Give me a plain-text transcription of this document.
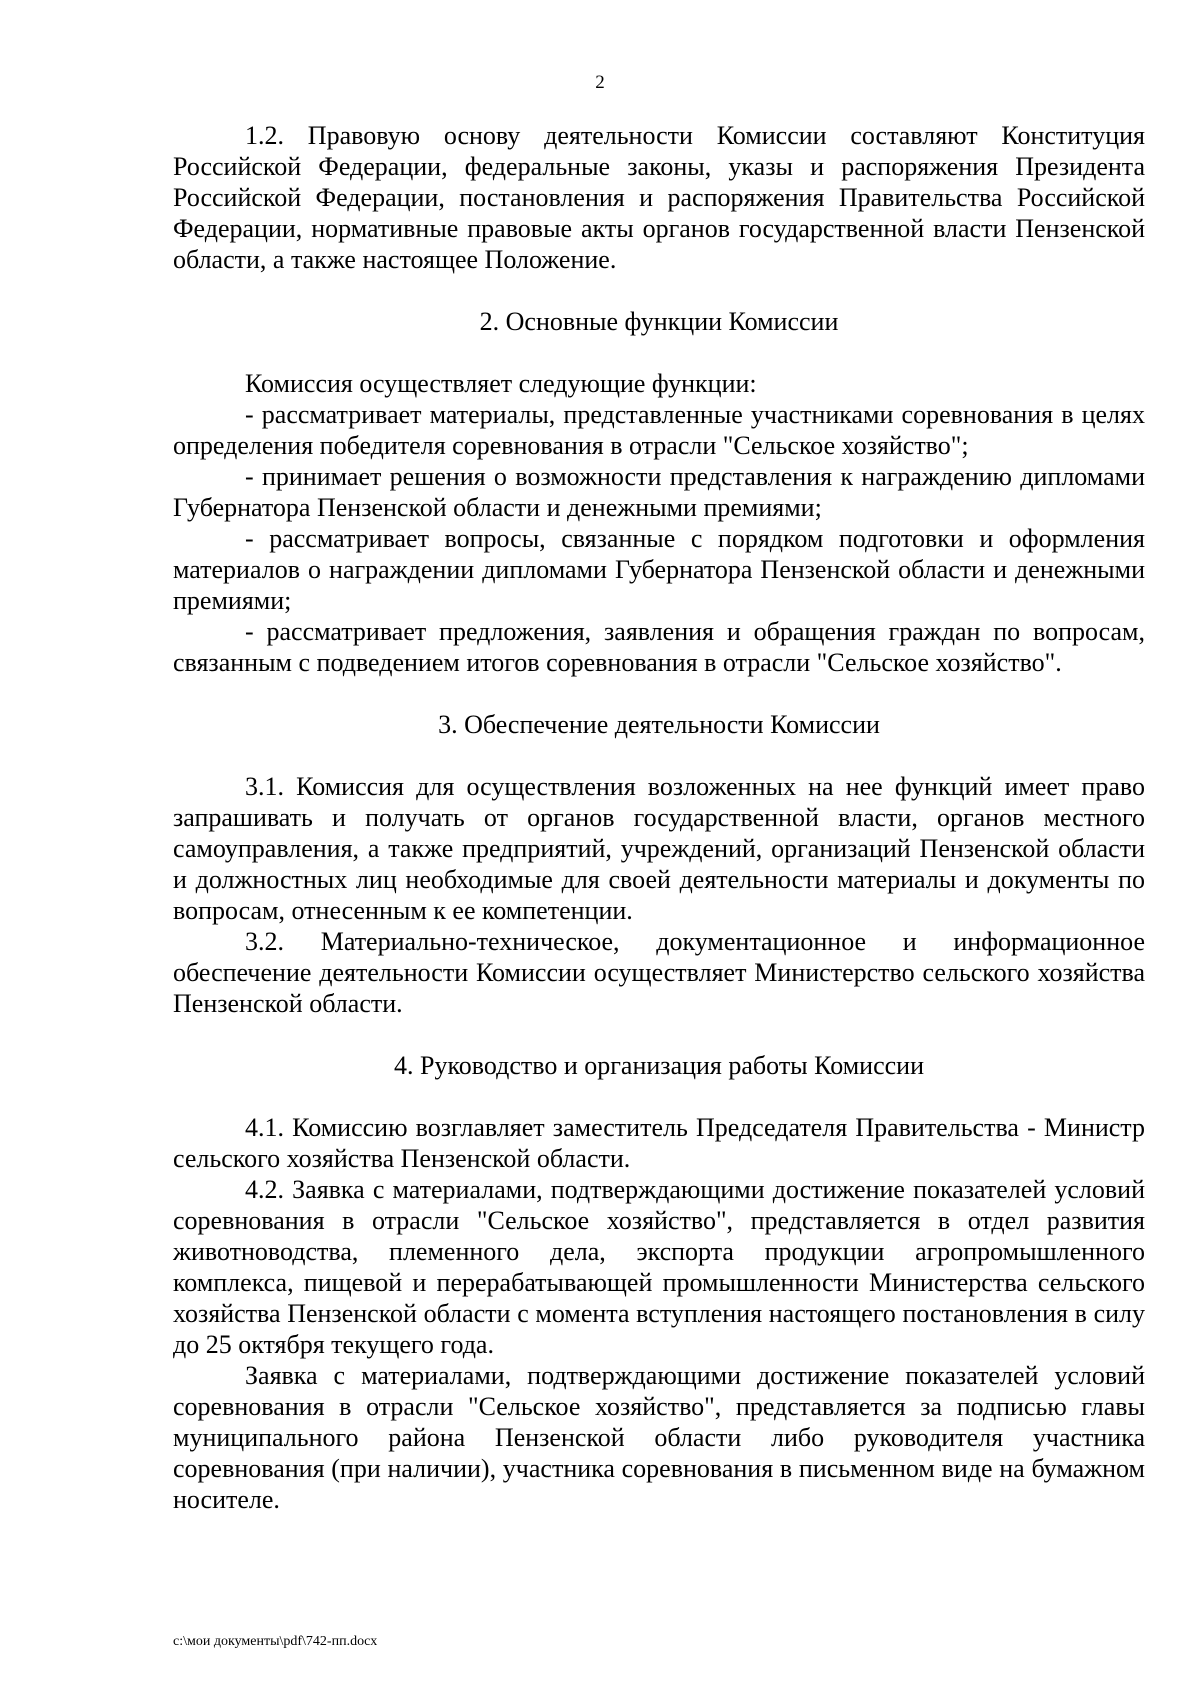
2

1.2. Правовую основу деятельности Комиссии составляют Конституция Российской Федерации, федеральные законы, указы и распоряжения Президента Российской Федерации, постановления и распоряжения Правительства Российской Федерации, нормативные правовые акты органов государственной власти Пензенской области, а также настоящее Положение.

2. Основные функции Комиссии

Комиссия осуществляет следующие функции:

- рассматривает материалы, представленные участниками соревнования в целях определения победителя соревнования в отрасли "Сельское хозяйство";

- принимает решения о возможности представления к награждению дипломами Губернатора Пензенской области и денежными премиями;

- рассматривает вопросы, связанные с порядком подготовки и оформления материалов о награждении дипломами Губернатора Пензенской области и денежными премиями;

- рассматривает предложения, заявления и обращения граждан по вопросам, связанным с подведением итогов соревнования в отрасли "Сельское хозяйство".

3. Обеспечение деятельности Комиссии

3.1. Комиссия для осуществления возложенных на нее функций имеет право запрашивать и получать от органов государственной власти, органов местного самоуправления, а также предприятий, учреждений, организаций Пензенской области и должностных лиц необходимые для своей деятельности материалы и документы по вопросам, отнесенным к ее компетенции.

3.2. Материально-техническое, документационное и информационное обеспечение деятельности Комиссии осуществляет Министерство сельского хозяйства Пензенской области.

4. Руководство и организация работы Комиссии

4.1. Комиссию возглавляет заместитель Председателя Правительства - Министр сельского хозяйства Пензенской области.

4.2. Заявка с материалами, подтверждающими достижение показателей условий соревнования в отрасли "Сельское хозяйство", представляется в отдел развития животноводства, племенного дела, экспорта продукции агропромышленного комплекса, пищевой и перерабатывающей промышленности Министерства сельского хозяйства Пензенской области с момента вступления настоящего постановления в силу до 25 октября текущего года.

Заявка с материалами, подтверждающими достижение показателей условий соревнования в отрасли "Сельское хозяйство", представляется за подписью главы муниципального района Пензенской области либо руководителя участника соревнования (при наличии), участника соревнования в письменном виде на бумажном носителе.

c:\мои документы\pdf\742-пп.docx
